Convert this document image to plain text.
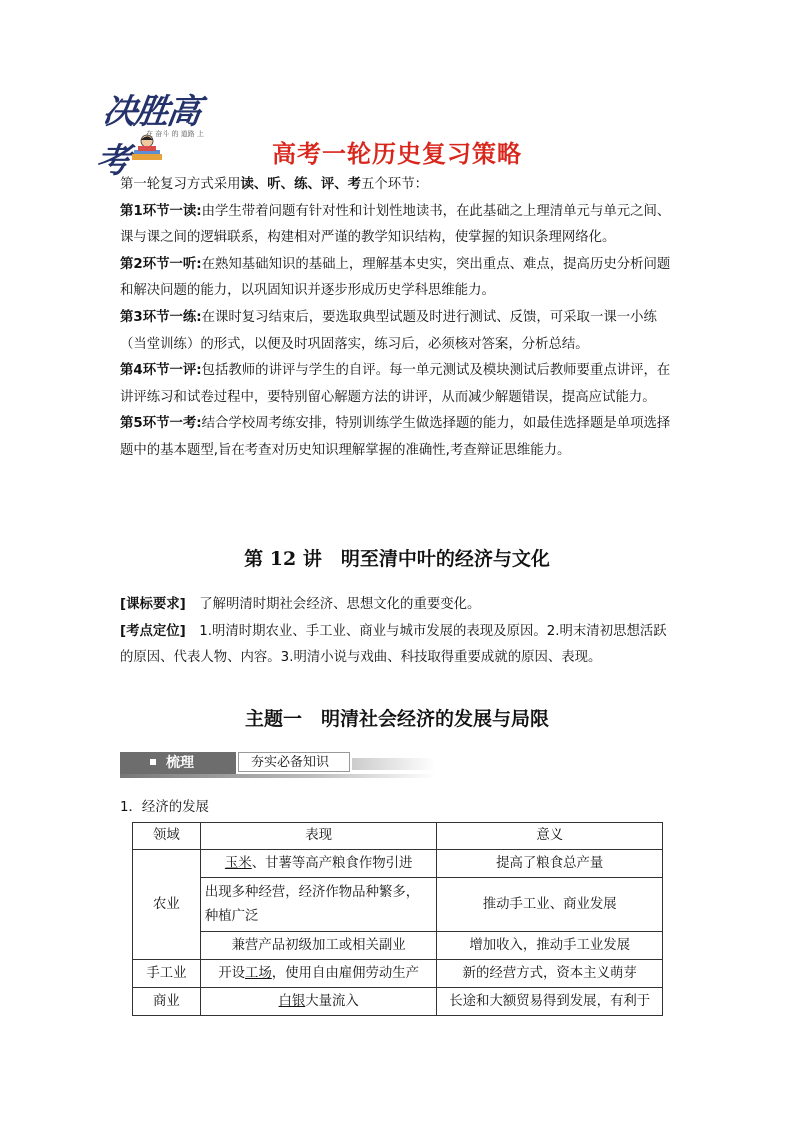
决胜高考
在 奋斗 的 道路 上
高考一轮历史复习策略

第一轮复习方式采用读、听、练、评、考五个环节：

第1环节一读:由学生带着问题有针对性和计划性地读书，在此基础之上理清单元与单元之间、课与课之间的逻辑联系，构建相对严谨的教学知识结构，使掌握的知识条理网络化。

第2环节一听:在熟知基础知识的基础上，理解基本史实，突出重点、难点，提高历史分析问题和解决问题的能力，以巩固知识并逐步形成历史学科思维能力。

第3环节一练:在课时复习结束后，要选取典型试题及时进行测试、反馈，可采取一课一小练（当堂训练）的形式，以便及时巩固落实，练习后，必须核对答案，分析总结。

第4环节一评:包括教师的讲评与学生的自评。每一单元测试及模块测试后教师要重点讲评，在讲评练习和试卷过程中，要特别留心解题方法的讲评，从而减少解题错误，提高应试能力。

第5环节一考:结合学校周考练安排，特别训练学生做选择题的能力，如最佳选择题是单项选择题中的基本题型,旨在考查对历史知识理解掌握的准确性,考查辩证思维能力。

第 12 讲　明至清中叶的经济与文化

[课标要求]　 了解明清时期社会经济、思想文化的重要变化。

[考点定位]　 1.明清时期农业、手工业、商业与城市发展的表现及原因。2.明末清初思想活跃的原因、代表人物、内容。3.明清小说与戏曲、科技取得重要成就的原因、表现。

主题一　明清社会经济的发展与局限
梳理	夯实必备知识
1．经济的发展
领域	表现	意义
农业	玉米、甘薯等高产粮食作物引进	提高了粮食总产量
	出现多种经营，经济作物品种繁多，种植广泛	推动手工业、商业发展
	兼营产品初级加工或相关副业	增加收入，推动手工业发展
手工业	开设工场，使用自由雇佣劳动生产	新的经营方式，资本主义萌芽
商业	白银大量流入	长途和大额贸易得到发展，有利于
